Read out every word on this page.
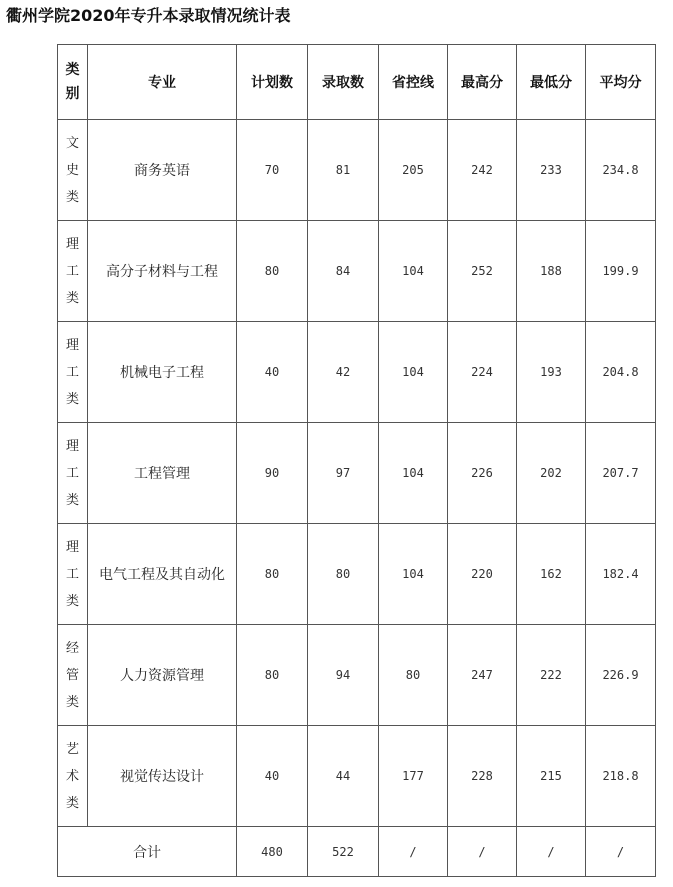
衢州学院2020年专升本录取情况统计表
类别	专业	计划数	录取数	省控线	最高分	最低分	平均分

文史类	商务英语	70	81	205	242	233	234.8

理工类	高分子材料与工程	80	84	104	252	188	199.9

理工类	机械电子工程	40	42	104	224	193	204.8

理工类	工程管理	90	97	104	226	202	207.7

理工类	电气工程及其自动化	80	80	104	220	162	182.4

经管类	人力资源管理	80	94	80	247	222	226.9

艺术类	视觉传达设计	40	44	177	228	215	218.8
合计		480	522	/	/	/	/
